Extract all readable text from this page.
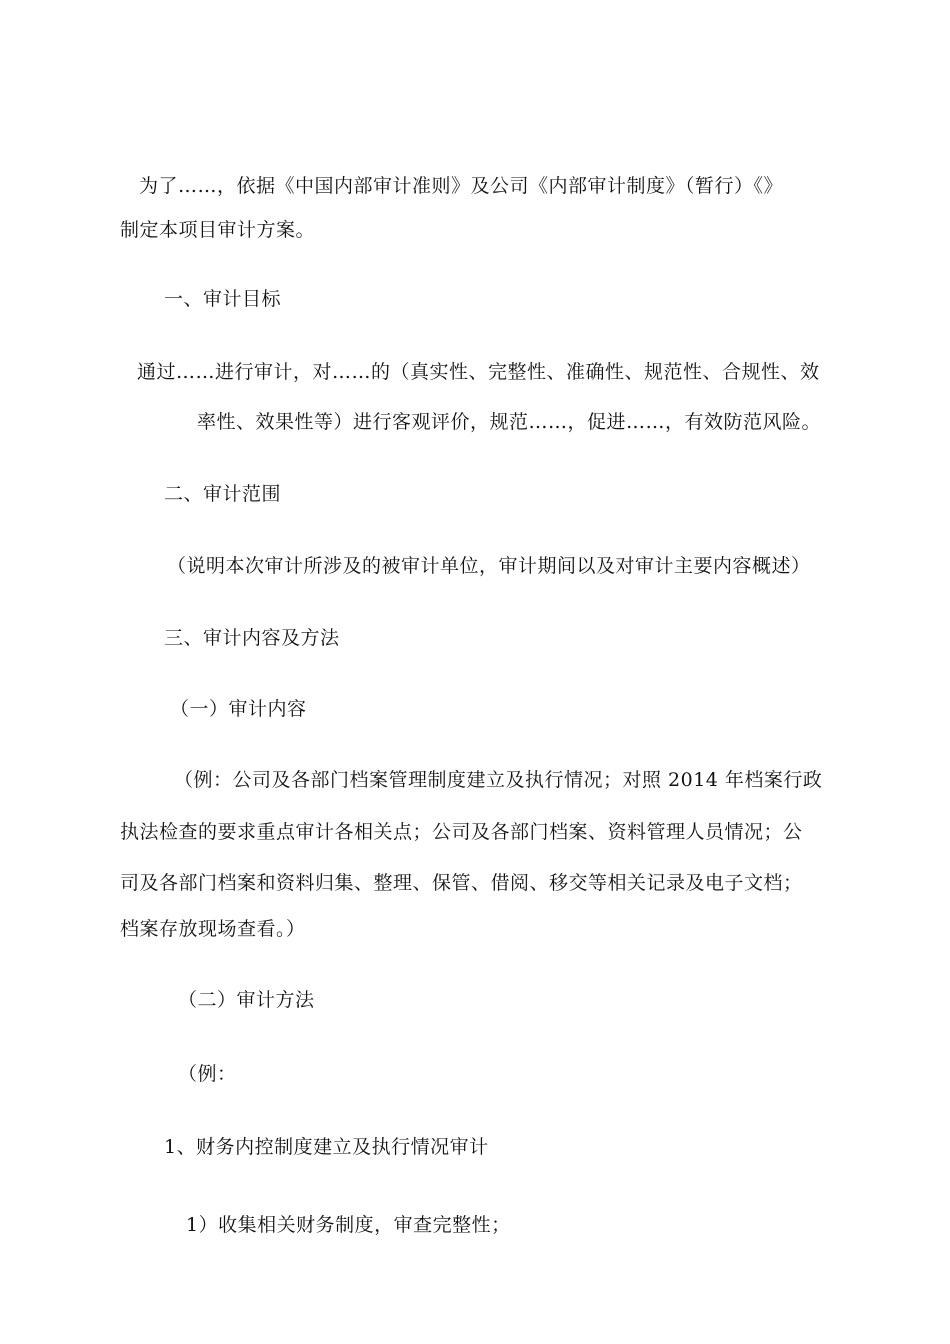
为了……，依据《中国内部审计准则》及公司《内部审计制度》（暂行）《》
制定本项目审计方案。
一、审计目标
通过……进行审计，对……的（真实性、完整性、准确性、规范性、合规性、效
率性、效果性等）进行客观评价，规范……，促进……，有效防范风险。
二、审计范围
（说明本次审计所涉及的被审计单位，审计期间以及对审计主要内容概述）
三、审计内容及方法
（一）审计内容
（例：公司及各部门档案管理制度建立及执行情况；对照 2014 年档案行政
执法检查的要求重点审计各相关点；公司及各部门档案、资料管理人员情况；公
司及各部门档案和资料归集、整理、保管、借阅、移交等相关记录及电子文档；
档案存放现场查看。）
（二）审计方法
（例：
1、财务内控制度建立及执行情况审计
1）收集相关财务制度，审查完整性；
